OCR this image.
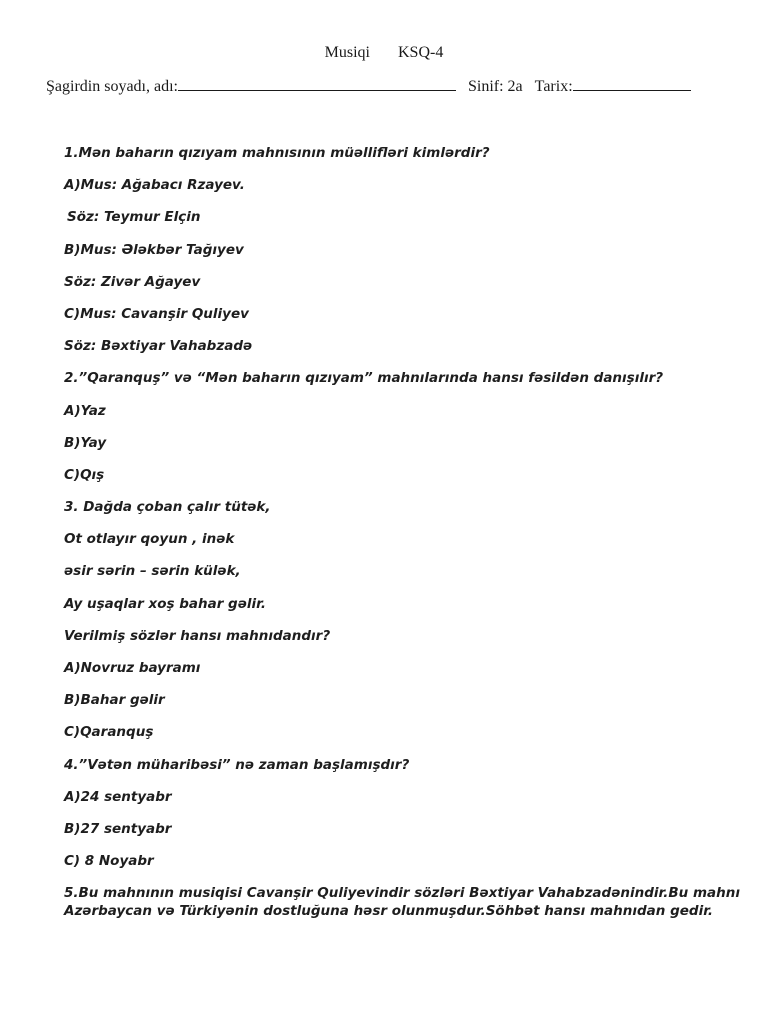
Musiqi KSQ-4
Şagirdin soyadı, adı:	Sinif: 2a Tarix:
1.Mən baharın qızıyam mahnısının müəllifləri kimlərdir?
A)Mus: Ağabacı Rzayev.
Söz: Teymur Elçin
B)Mus: Ələkbər Tağıyev
Söz: Zivər Ağayev
C)Mus: Cavanşir Quliyev
Söz: Bəxtiyar Vahabzadə
2.”Qaranquş” və “Mən baharın qızıyam” mahnılarında hansı fəsildən danışılır?
A)Yaz
B)Yay
C)Qış
3. Dağda çoban çalır tütək,
Ot otlayır qoyun , inək
əsir sərin – sərin külək,
Ay uşaqlar xoş bahar gəlir.
Verilmiş sözlər hansı mahnıdandır?
A)Novruz bayramı
B)Bahar gəlir
C)Qaranquş
4.”Vətən müharibəsi” nə zaman başlamışdır?
A)24 sentyabr
B)27 sentyabr
C) 8 Noyabr
5.Bu mahnının musiqisi Cavanşir Quliyevindir sözləri Bəxtiyar Vahabzadənindir.Bu mahnı Azərbaycan və Türkiyənin dostluğuna həsr olunmuşdur.Söhbət hansı mahnıdan gedir.
